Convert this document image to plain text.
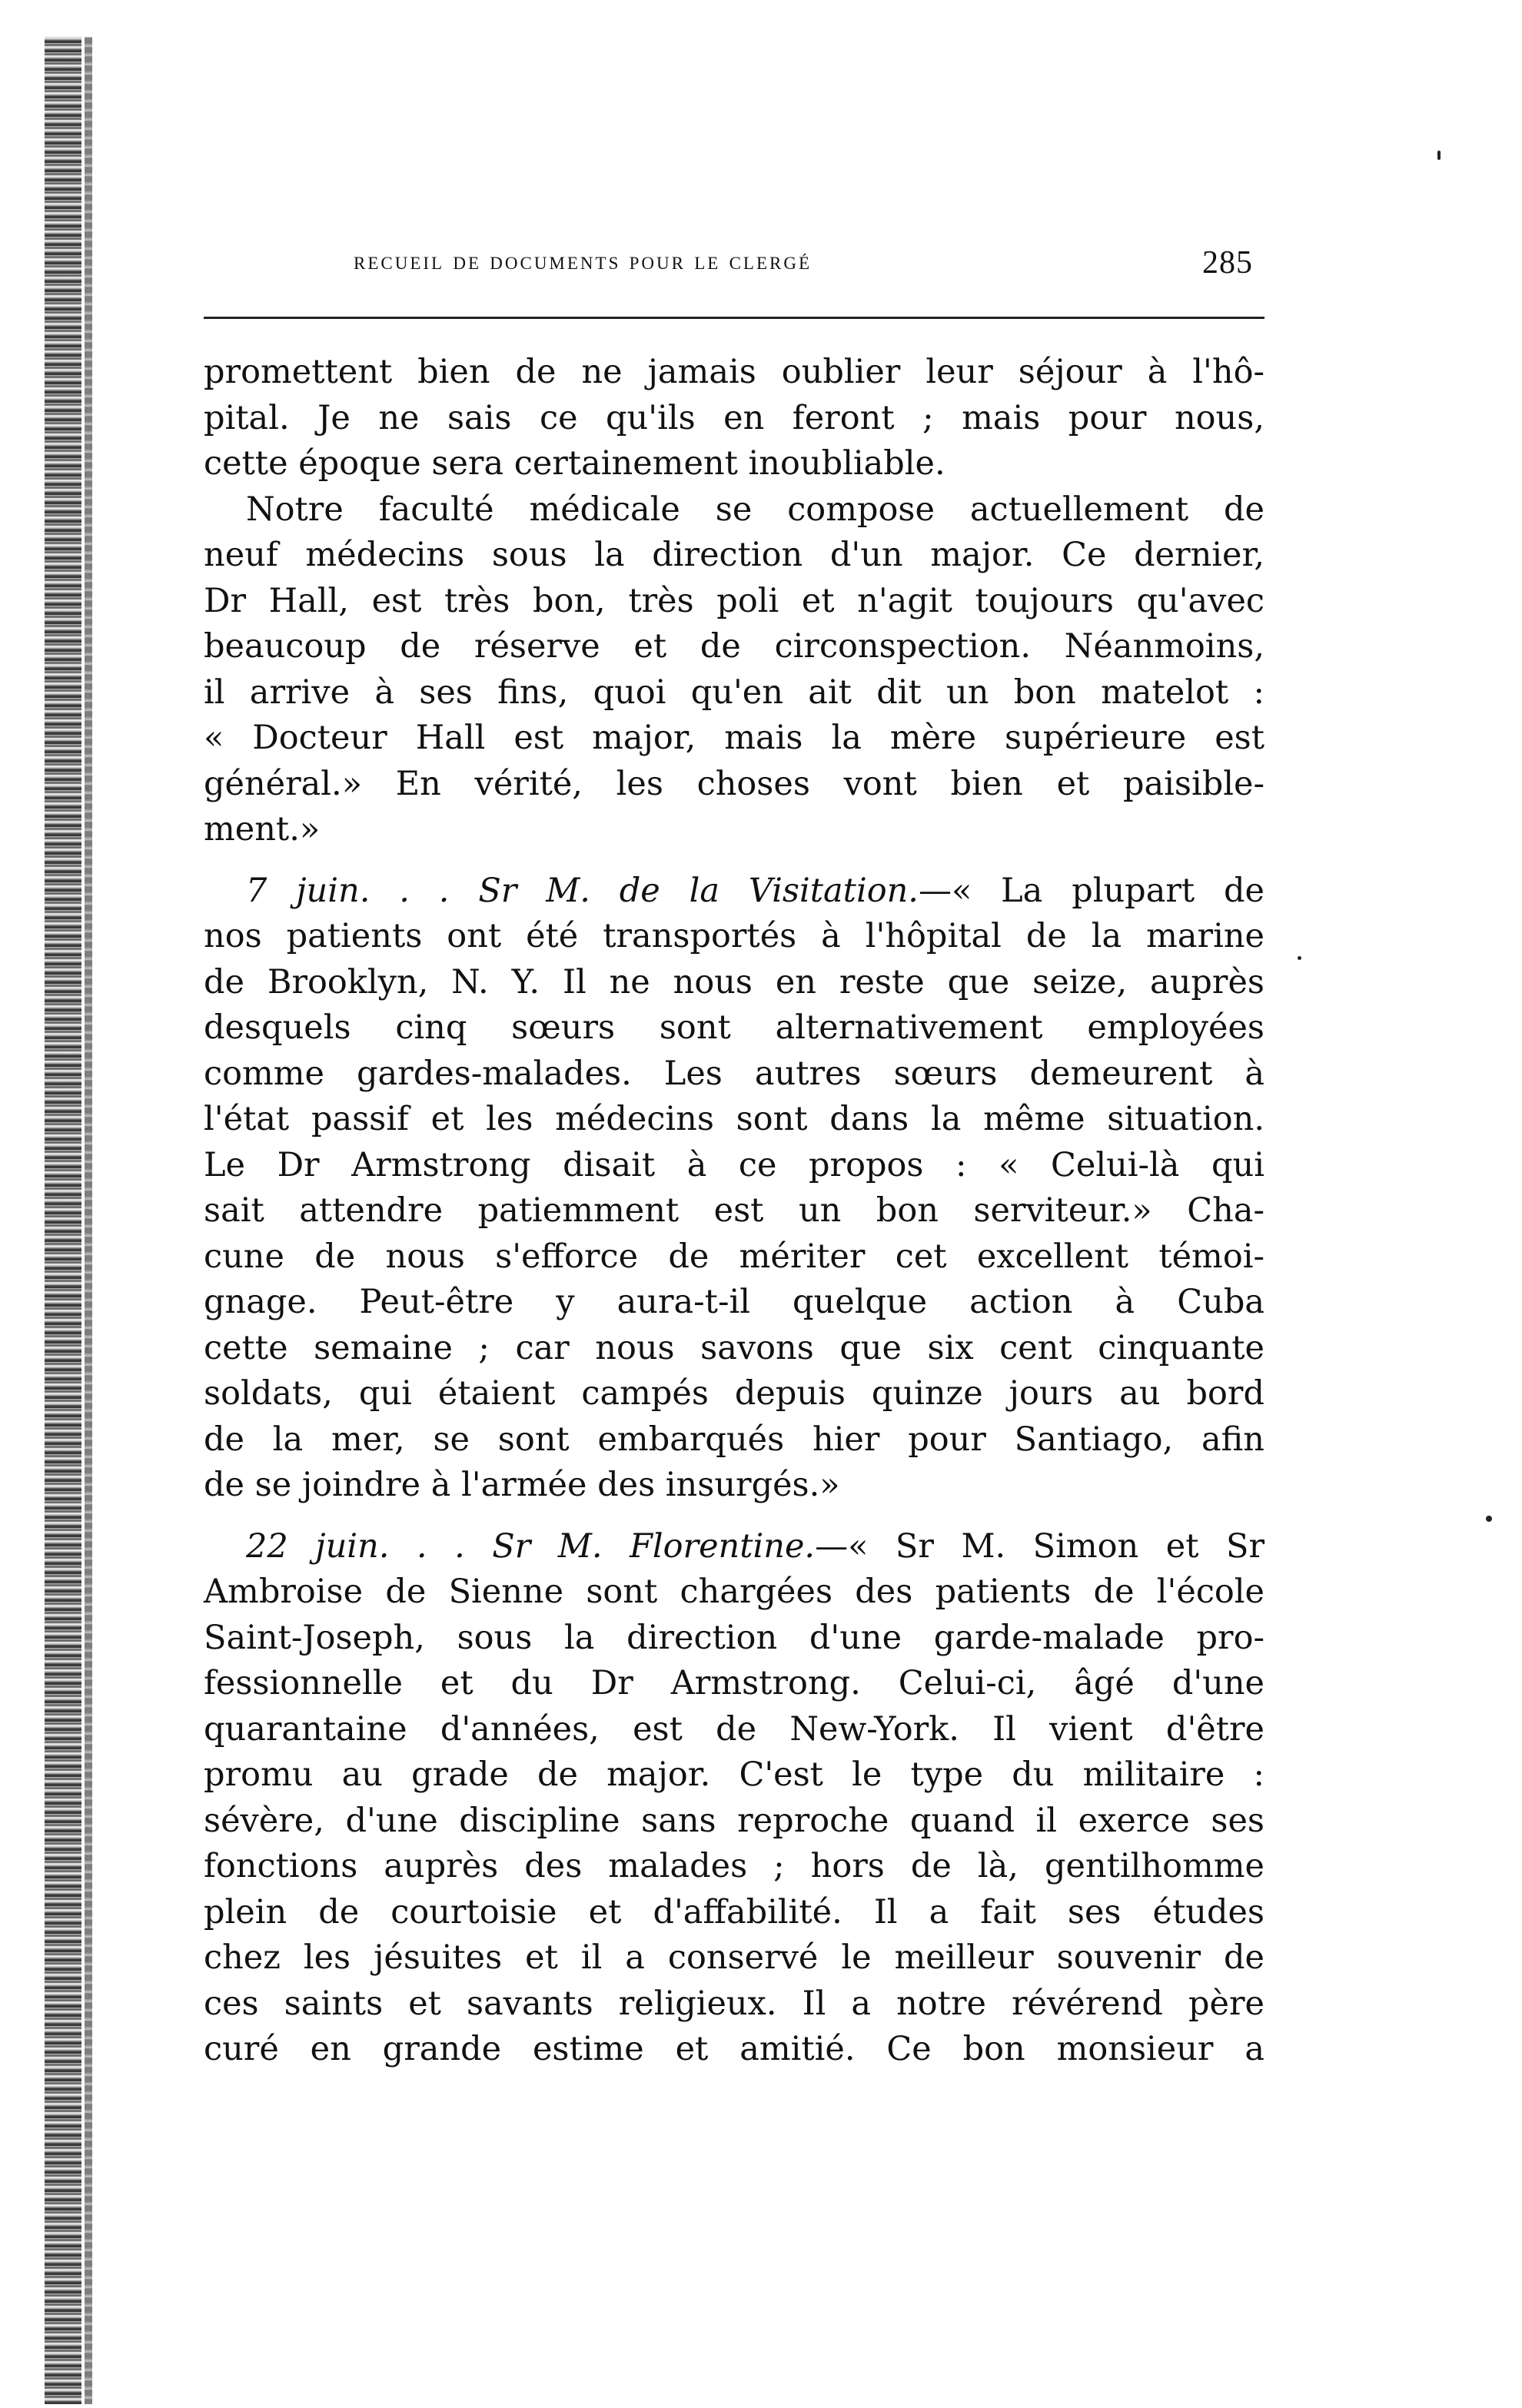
recueil de documents pour le clergé	285
promettent bien de ne jamais oublier leur séjour à l'hô-
pital. Je ne sais ce qu'ils en feront ; mais pour nous,
cette époque sera certainement inoubliable.
Notre faculté médicale se compose actuellement de
neuf médecins sous la direction d'un major. Ce dernier,
Dr Hall, est très bon, très poli et n'agit toujours qu'avec
beaucoup de réserve et de circonspection. Néanmoins,
il arrive à ses fins, quoi qu'en ait dit un bon matelot :
« Docteur Hall est major, mais la mère supérieure est
général.» En vérité, les choses vont bien et paisible-
ment.»
7 juin. . . Sr M. de la Visitation.—« La plupart de
nos patients ont été transportés à l'hôpital de la marine
de Brooklyn, N. Y. Il ne nous en reste que seize, auprès
desquels cinq sœurs sont alternativement employées
comme gardes-malades. Les autres sœurs demeurent à
l'état passif et les médecins sont dans la même situation.
Le Dr Armstrong disait à ce propos : « Celui-là qui
sait attendre patiemment est un bon serviteur.» Cha-
cune de nous s'efforce de mériter cet excellent témoi-
gnage. Peut-être y aura-t-il quelque action à Cuba
cette semaine ; car nous savons que six cent cinquante
soldats, qui étaient campés depuis quinze jours au bord
de la mer, se sont embarqués hier pour Santiago, afin
de se joindre à l'armée des insurgés.»
22 juin. . . Sr M. Florentine.—« Sr M. Simon et Sr
Ambroise de Sienne sont chargées des patients de l'école
Saint-Joseph, sous la direction d'une garde-malade pro-
fessionnelle et du Dr Armstrong. Celui-ci, âgé d'une
quarantaine d'années, est de New-York. Il vient d'être
promu au grade de major. C'est le type du militaire :
sévère, d'une discipline sans reproche quand il exerce ses
fonctions auprès des malades ; hors de là, gentilhomme
plein de courtoisie et d'affabilité. Il a fait ses études
chez les jésuites et il a conservé le meilleur souvenir de
ces saints et savants religieux. Il a notre révérend père
curé en grande estime et amitié. Ce bon monsieur a
